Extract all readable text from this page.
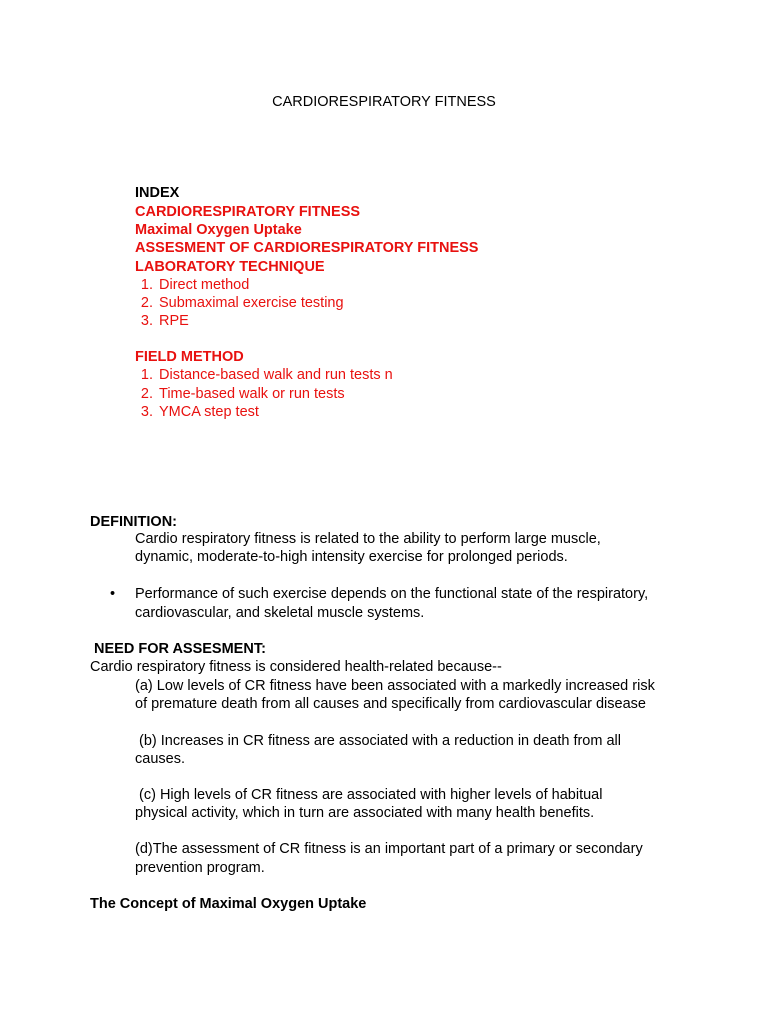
CARDIORESPIRATORY FITNESS
INDEX
CARDIORESPIRATORY FITNESS
Maximal Oxygen Uptake
ASSESMENT OF CARDIORESPIRATORY FITNESS
LABORATORY TECHNIQUE
1. Direct method
2. Submaximal exercise testing
3. RPE
FIELD METHOD
1. Distance-based walk and run tests n
2. Time-based walk or run tests
3. YMCA step test
DEFINITION:
Cardio respiratory fitness is related to the ability to perform large muscle,
dynamic, moderate-to-high intensity exercise for prolonged periods.
• Performance of such exercise depends on the functional state of the respiratory,
cardiovascular, and skeletal muscle systems.
NEED FOR ASSESMENT:
Cardio respiratory fitness is considered health-related because--
(a) Low levels of CR fitness have been associated with a markedly increased risk
of premature death from all causes and specifically from cardiovascular disease
(b) Increases in CR fitness are associated with a reduction in death from all
causes.
(c) High levels of CR fitness are associated with higher levels of habitual
physical activity, which in turn are associated with many health benefits.
(d)The assessment of CR fitness is an important part of a primary or secondary
prevention program.
The Concept of Maximal Oxygen Uptake
